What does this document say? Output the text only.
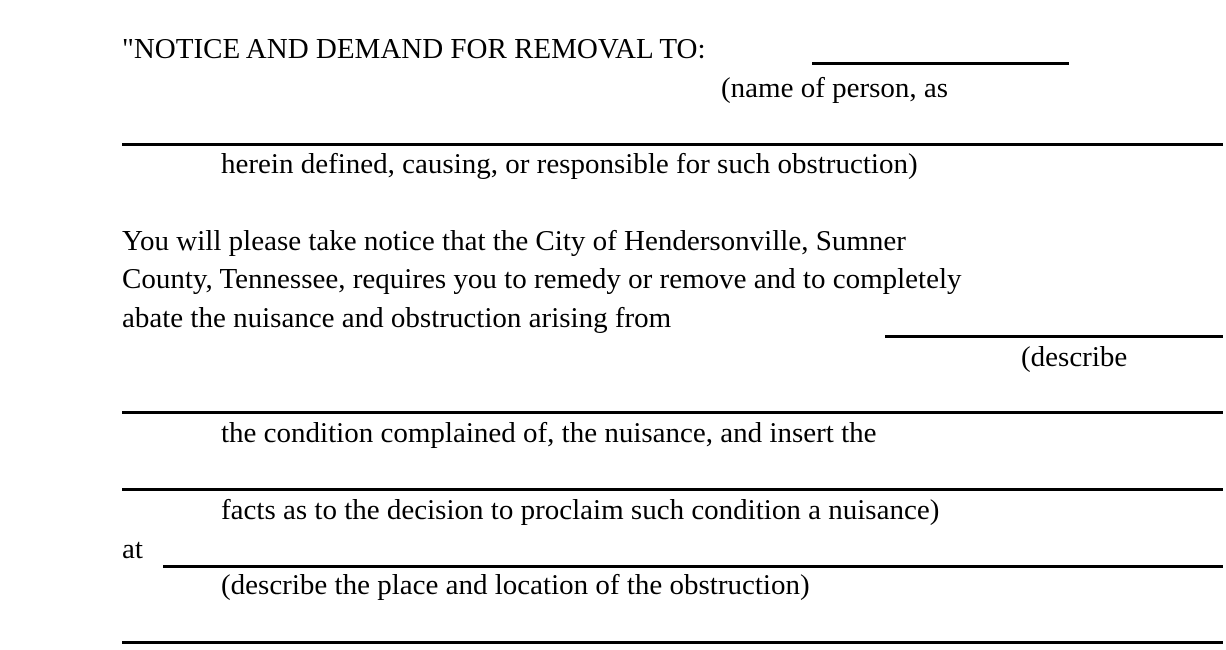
"NOTICE AND DEMAND FOR REMOVAL TO:
(name of person, as
herein defined, causing, or responsible for such obstruction)
You will please take notice that the City of Hendersonville, Sumner
County, Tennessee, requires you to remedy or remove and to completely
abate the nuisance and obstruction arising from
(describe
the condition complained of, the nuisance, and insert the
facts as to the decision to proclaim such condition a nuisance)
at
(describe the place and location of the obstruction)
